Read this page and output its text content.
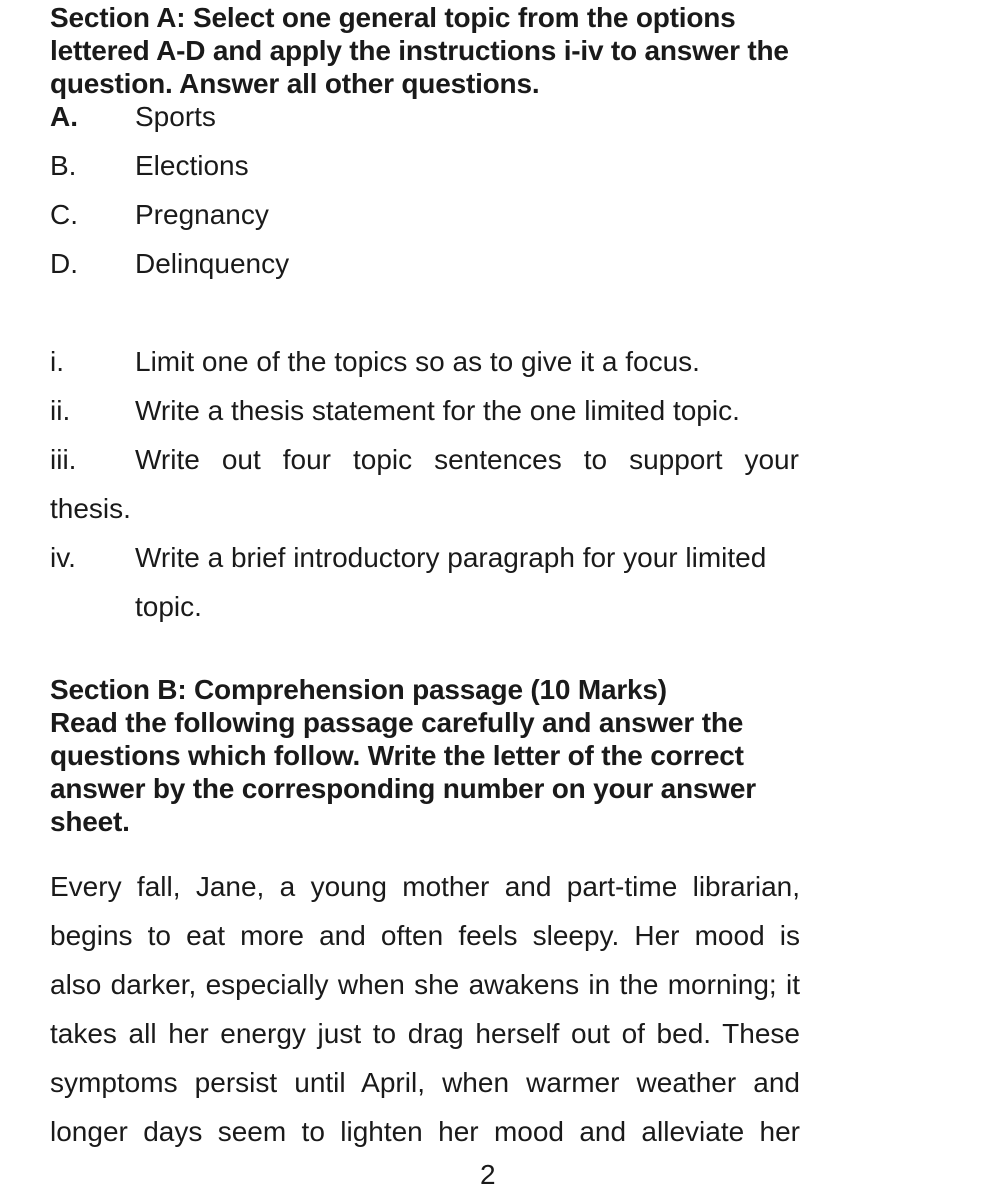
Section A: Select one general topic from the options lettered A-D and apply the instructions i-iv to answer the question. Answer all other questions.
A. Sports
B. Elections
C. Pregnancy
D. Delinquency
i.	Limit one of the topics so as to give it a focus.
ii. Write a thesis statement for the one limited topic.
iii. Write out four topic sentences to support your
thesis.
iv. Write a brief introductory paragraph for your limited
topic.
Section B: Comprehension passage (10 Marks)
Read the following passage carefully and answer the questions which follow. Write the letter of the correct answer by the corresponding number on your answer sheet.
Every fall, Jane, a young mother and part-time librarian,
begins to eat more and often feels sleepy. Her mood is
also darker, especially when she awakens in the morning; it
takes all her energy just to drag herself out of bed. These
symptoms persist until April, when warmer weather and
longer days seem to lighten her mood and alleviate her
2
